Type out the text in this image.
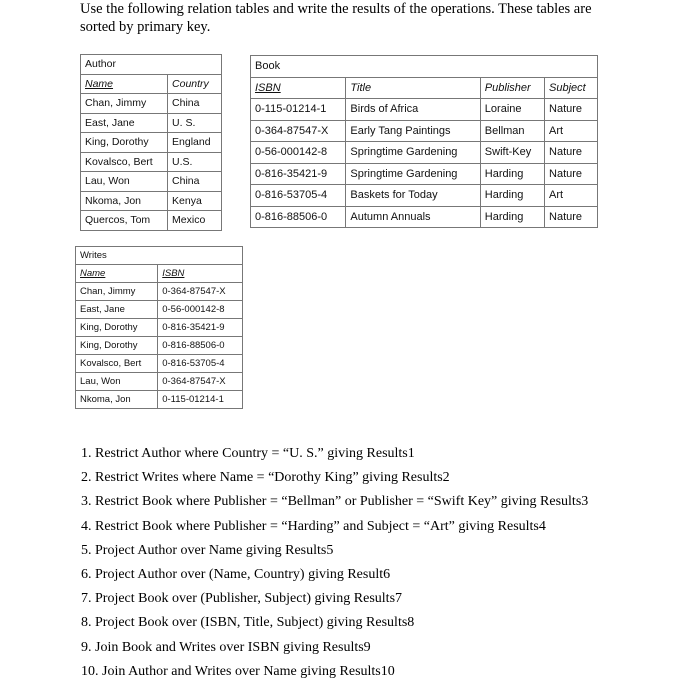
Use the following relation tables and write the results of the operations. These tables are sorted by primary key.
Author	
Name	Country
Chan, Jimmy	China
East, Jane	U. S.
King, Dorothy	England
Kovalsco, Bert	U.S.
Lau, Won	China
Nkoma, Jon	Kenya
Quercos, Tom	Mexico
Book			
ISBN	Title	Publisher	Subject
0-115-01214-1	Birds of Africa	Loraine	Nature
0-364-87547-X	Early Tang Paintings	Bellman	Art
0-56-000142-8	Springtime Gardening	Swift-Key	Nature
0-816-35421-9	Springtime Gardening	Harding	Nature
0-816-53705-4	Baskets for Today	Harding	Art
0-816-88506-0	Autumn Annuals	Harding	Nature
Writes	
Name	ISBN
Chan, Jimmy	0-364-87547-X
East, Jane	0-56-000142-8
King, Dorothy	0-816-35421-9
King, Dorothy	0-816-88506-0
Kovalsco, Bert	0-816-53705-4
Lau, Won	0-364-87547-X
Nkoma, Jon	0-115-01214-1
1. Restrict Author where Country = “U. S.” giving Results1
2. Restrict Writes where Name = “Dorothy King” giving Results2
3. Restrict Book where Publisher = “Bellman” or Publisher = “Swift Key” giving Results3
4. Restrict Book where Publisher = “Harding” and Subject = “Art” giving Results4
5. Project Author over Name giving Results5
6. Project Author over (Name, Country) giving Result6
7. Project Book over (Publisher, Subject) giving Results7
8. Project Book over (ISBN, Title, Subject) giving Results8
9. Join Book and Writes over ISBN giving Results9
10. Join Author and Writes over Name giving Results10
